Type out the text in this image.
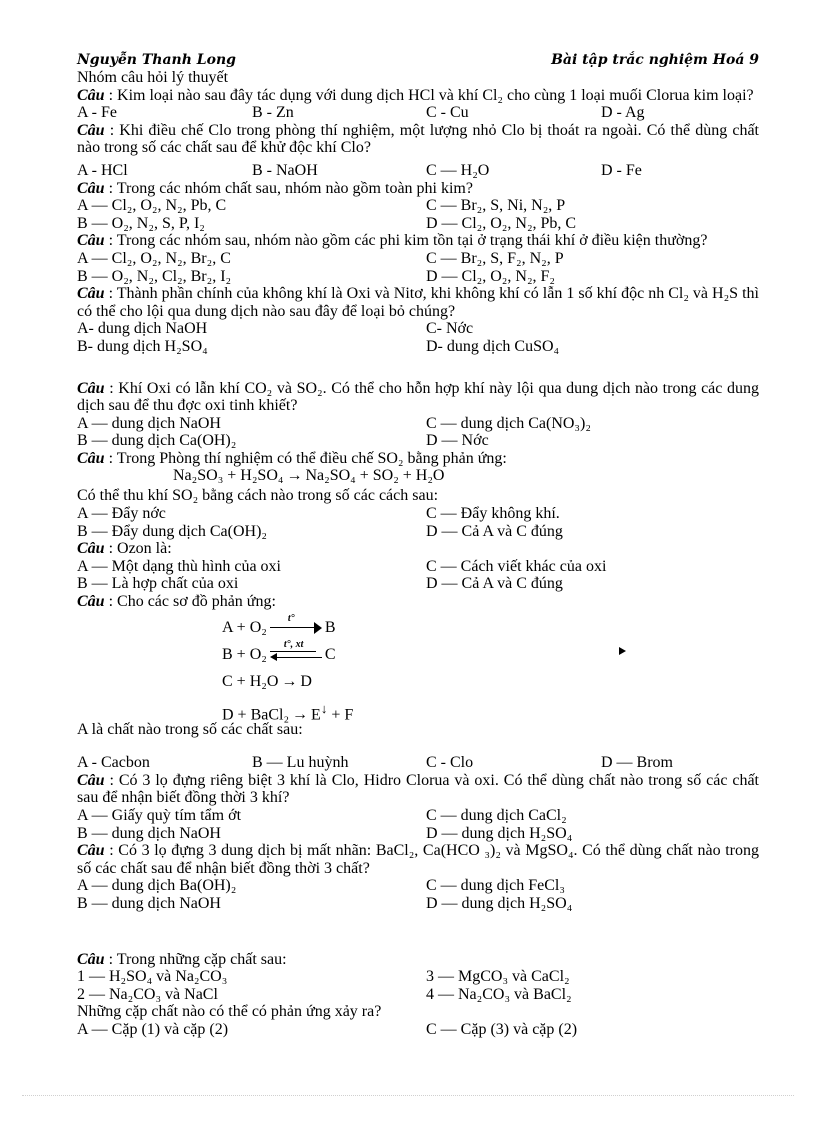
Nguyễn Thanh Long	Bài tập trắc nghiệm Hoá 9
Nhóm câu hỏi lý thuyết
Câu : Kim loại nào sau đây tác dụng với dung dịch HCl và khí Cl₂ cho cùng 1 loại muối Clorua kim loại?
A - Fe	B - Zn	C - Cu	D - Ag
Câu : Khi điều chế Clo trong phòng thí nghiệm, một lượng nhỏ Clo bị thoát ra ngoài. Có thể dùng chất nào trong số các chất sau để khử độc khí Clo?
A - HCl	B - NaOH	C — H₂O	D - Fe
Câu : Trong các nhóm chất sau, nhóm nào gồm toàn phi kim?
A — Cl₂, O₂, N₂, Pb, C	C — Br₂, S, Ni, N₂, P
B — O₂, N₂, S, P, I₂	D — Cl₂, O₂, N₂, Pb, C
Câu : Trong các nhóm sau, nhóm nào gồm các phi kim tồn tại ở trạng thái khí ở điều kiện thường?
A — Cl₂, O₂, N₂, Br₂, C	C — Br₂, S, F₂, N₂, P
B — O₂, N₂, Cl₂, Br₂, I₂	D — Cl₂, O₂, N₂, F₂
Câu : Thành phần chính của không khí là Oxi và Nitơ, khi không khí có lẫn 1 số khí độc nh Cl₂ và H₂S thì có thể cho lội qua dung dịch nào sau đây để loại bỏ chúng?
A- dung dịch NaOH	C- Nớc
B- dung dịch H₂SO₄	D- dung dịch CuSO₄
Câu : Khí Oxi có lẫn khí CO₂ và SO₂. Có thể cho hỗn hợp khí này lội qua dung dịch nào trong các dung dịch sau để thu đợc oxi tinh khiết?
A — dung dịch NaOH	C — dung dịch Ca(NO₃)₂
B — dung dịch Ca(OH)₂	D — Nớc
Câu : Trong Phòng thí nghiệm có thể điều chế SO₂ bằng phản ứng:
Na₂SO₃ + H₂SO₄ → Na₂SO₄ + SO₂ + H₂O
Có thể thu khí SO₂ bằng cách nào trong số các cách sau:
A — Đẩy nớc	C — Đẩy không khí.
B — Đẩy dung dịch Ca(OH)₂	D — Cả A và C đúng
Câu : Ozon là:
A — Một dạng thù hình của oxi	C — Cách viết khác của oxi
B — Là hợp chất của oxi	D — Cả A và C đúng
Câu : Cho các sơ đồ phản ứng:
A + O₂
t°
B
B + O₂
t°, xt
C
C + H₂O → D
D + BaCl₂ → E↓ + F
A là chất nào trong số các chất sau:
A - Cacbon	B — Lu huỳnh	C - Clo	D — Brom
Câu : Có 3 lọ đựng riêng biệt 3 khí là Clo, Hidro Clorua và oxi. Có thể dùng chất nào trong số các chất sau để nhận biết đồng thời 3 khí?
A — Giấy quỳ tím tẩm ớt	C — dung dịch CaCl₂
B — dung dịch NaOH	D — dung dịch H₂SO₄
Câu : Có 3 lọ đựng 3 dung dịch bị mất nhãn: BaCl₂, Ca(HCO ₃)₂ và MgSO₄. Có thể dùng chất nào trong số các chất sau để nhận biết đồng thời 3 chất?
A — dung dịch Ba(OH)₂	C — dung dịch FeCl₃
B — dung dịch NaOH	D — dung dịch H₂SO₄
Câu : Trong những cặp chất sau:
1 — H₂SO₄ và Na₂CO₃	3 — MgCO₃ và CaCl₂
2 — Na₂CO₃ và NaCl	4 — Na₂CO₃ và BaCl₂
Những cặp chất nào có thể có phản ứng xảy ra?
A — Cặp (1) và cặp (2)	C — Cặp (3) và cặp (2)
